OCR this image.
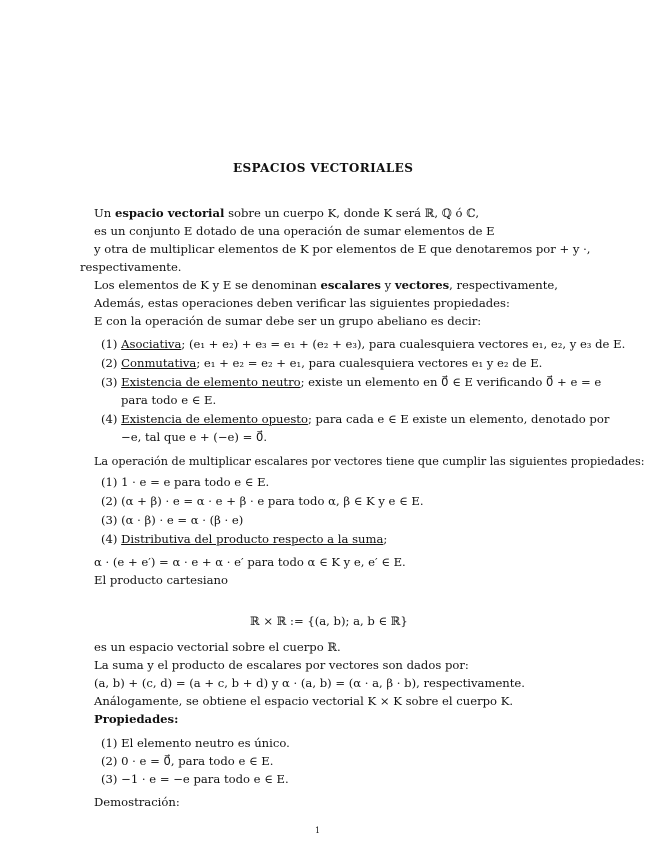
ESPACIOS VECTORIALES
Un espacio vectorial sobre un cuerpo K, donde K será ℝ, ℚ ó ℂ,
es un conjunto E dotado de una operación de sumar elementos de E
y otra de multiplicar elementos de K por elementos de E que denotaremos por + y ·,
respectivamente.
Los elementos de K y E se denominan escalares y vectores, respectivamente,
Además, estas operaciones deben verificar las siguientes propiedades:
E con la operación de sumar debe ser un grupo abeliano es decir:
(1) Asociativa; (e₁ + e₂) + e₃ = e₁ + (e₂ + e₃), para cualesquiera vectores e₁, e₂, y e₃ de E.
(2) Conmutativa; e₁ + e₂ = e₂ + e₁, para cualesquiera vectores e₁ y e₂ de E.
(3) Existencia de elemento neutro; existe un elemento en 0⃗ ∈ E verificando 0⃗ + e = e
para todo e ∈ E.
(4) Existencia de elemento opuesto; para cada e ∈ E existe un elemento, denotado por
−e, tal que e + (−e) = 0⃗.
La operación de multiplicar escalares por vectores tiene que cumplir las siguientes propiedades:
(1) 1 · e = e para todo e ∈ E.
(2) (α + β) · e = α · e + β · e para todo α, β ∈ K y e ∈ E.
(3) (α · β) · e = α · (β · e)
(4) Distributiva del producto respecto a la suma;
α · (e + e′) = α · e + α · e′ para todo α ∈ K y e, e′ ∈ E.
El producto cartesiano
ℝ × ℝ := {(a, b); a, b ∈ ℝ}
es un espacio vectorial sobre el cuerpo ℝ.
La suma y el producto de escalares por vectores son dados por:
(a, b) + (c, d) = (a + c, b + d) y α · (a, b) = (α · a, β · b), respectivamente.
Análogamente, se obtiene el espacio vectorial K × K sobre el cuerpo K.
Propiedades:
(1) El elemento neutro es único.
(2) 0 · e = 0⃗, para todo e ∈ E.
(3) −1 · e = −e para todo e ∈ E.
Demostración:
1
